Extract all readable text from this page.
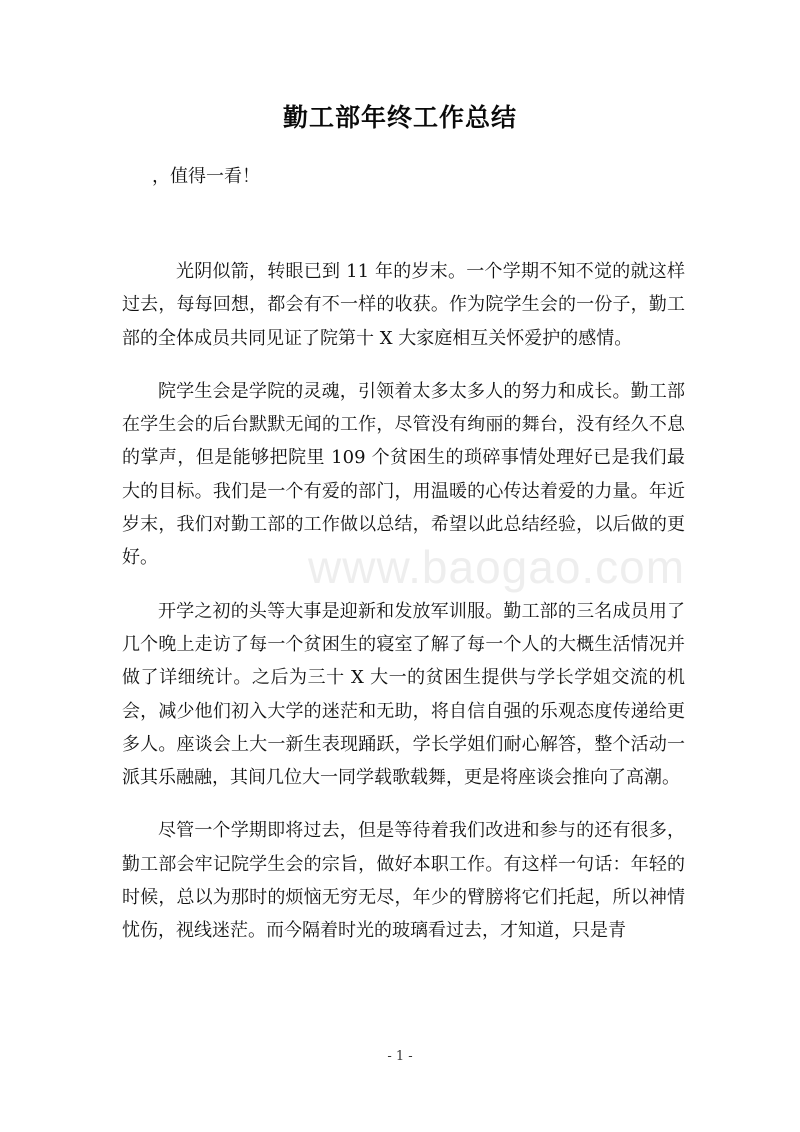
www.baogao.com
勤工部年终工作总结
，值得一看！

光阴似箭，转眼已到 11 年的岁末。一个学期不知不觉的就这样过去，每每回想，都会有不一样的收获。作为院学生会的一份子，勤工部的全体成员共同见证了院第十 X 大家庭相互关怀爱护的感情。

院学生会是学院的灵魂，引领着太多太多人的努力和成长。勤工部在学生会的后台默默无闻的工作，尽管没有绚丽的舞台，没有经久不息的掌声，但是能够把院里 109 个贫困生的琐碎事情处理好已是我们最大的目标。我们是一个有爱的部门，用温暖的心传达着爱的力量。年近岁末，我们对勤工部的工作做以总结，希望以此总结经验，以后做的更好。

开学之初的头等大事是迎新和发放军训服。勤工部的三名成员用了几个晚上走访了每一个贫困生的寝室了解了每一个人的大概生活情况并做了详细统计。之后为三十 X 大一的贫困生提供与学长学姐交流的机会，减少他们初入大学的迷茫和无助，将自信自强的乐观态度传递给更多人。座谈会上大一新生表现踊跃，学长学姐们耐心解答，整个活动一派其乐融融，其间几位大一同学载歌载舞，更是将座谈会推向了高潮。

尽管一个学期即将过去，但是等待着我们改进和参与的还有很多，勤工部会牢记院学生会的宗旨，做好本职工作。有这样一句话：年轻的时候，总以为那时的烦恼无穷无尽，年少的臂膀将它们托起，所以神情忧伤，视线迷茫。而今隔着时光的玻璃看过去，才知道，只是青

- 1 -
